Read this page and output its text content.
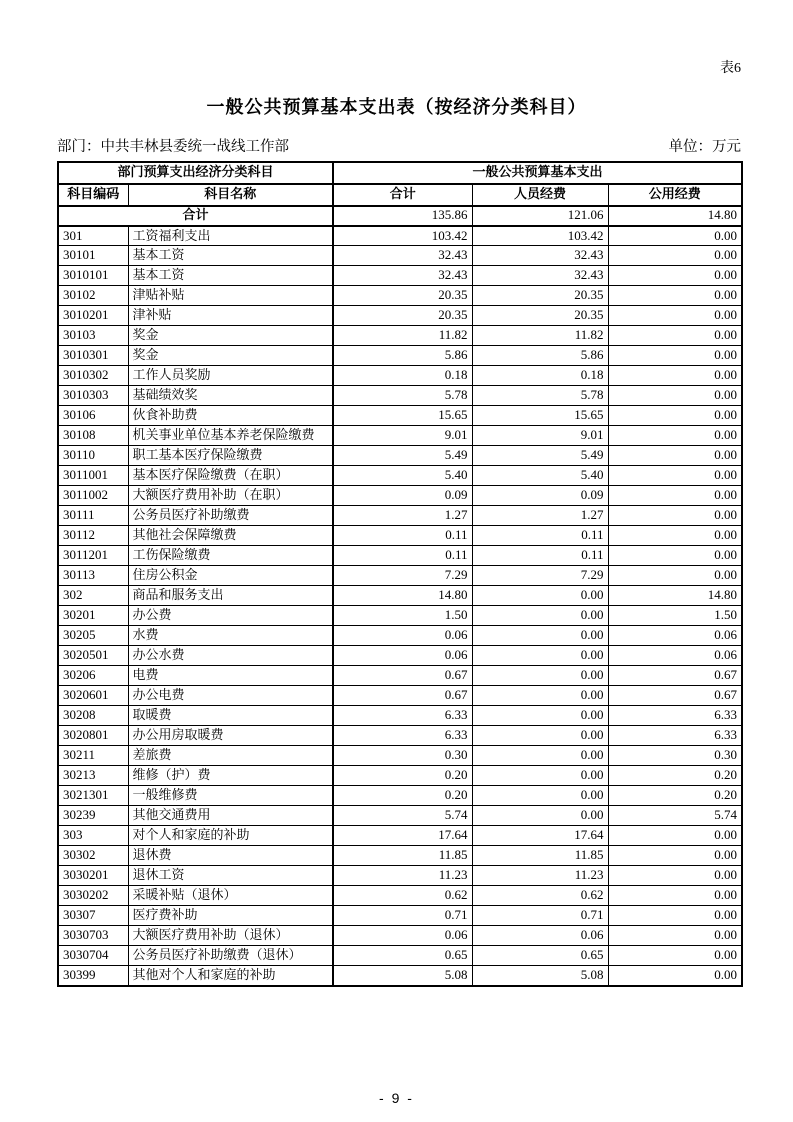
表6
一般公共预算基本支出表（按经济分类科目）
部门：中共丰林县委统一战线工作部	单位：万元
部门预算支出经济分类科目		一般公共预算基本支出		
科目编码	科目名称	合计	人员经费	公用经费
合计		135.86	121.06	14.80
301	工资福利支出	103.42	103.42	0.00
30101	基本工资	32.43	32.43	0.00
3010101	基本工资	32.43	32.43	0.00
30102	津贴补贴	20.35	20.35	0.00
3010201	津补贴	20.35	20.35	0.00
30103	奖金	11.82	11.82	0.00
3010301	奖金	5.86	5.86	0.00
3010302	工作人员奖励	0.18	0.18	0.00
3010303	基础绩效奖	5.78	5.78	0.00
30106	伙食补助费	15.65	15.65	0.00
30108	机关事业单位基本养老保险缴费	9.01	9.01	0.00
30110	职工基本医疗保险缴费	5.49	5.49	0.00
3011001	基本医疗保险缴费（在职）	5.40	5.40	0.00
3011002	大额医疗费用补助（在职）	0.09	0.09	0.00
30111	公务员医疗补助缴费	1.27	1.27	0.00
30112	其他社会保障缴费	0.11	0.11	0.00
3011201	工伤保险缴费	0.11	0.11	0.00
30113	住房公积金	7.29	7.29	0.00
302	商品和服务支出	14.80	0.00	14.80
30201	办公费	1.50	0.00	1.50
30205	水费	0.06	0.00	0.06
3020501	办公水费	0.06	0.00	0.06
30206	电费	0.67	0.00	0.67
3020601	办公电费	0.67	0.00	0.67
30208	取暖费	6.33	0.00	6.33
3020801	办公用房取暖费	6.33	0.00	6.33
30211	差旅费	0.30	0.00	0.30
30213	维修（护）费	0.20	0.00	0.20
3021301	一般维修费	0.20	0.00	0.20
30239	其他交通费用	5.74	0.00	5.74
303	对个人和家庭的补助	17.64	17.64	0.00
30302	退休费	11.85	11.85	0.00
3030201	退休工资	11.23	11.23	0.00
3030202	采暖补贴（退休）	0.62	0.62	0.00
30307	医疗费补助	0.71	0.71	0.00
3030703	大额医疗费用补助（退休）	0.06	0.06	0.00
3030704	公务员医疗补助缴费（退休）	0.65	0.65	0.00
30399	其他对个人和家庭的补助	5.08	5.08	0.00
- 9 -
